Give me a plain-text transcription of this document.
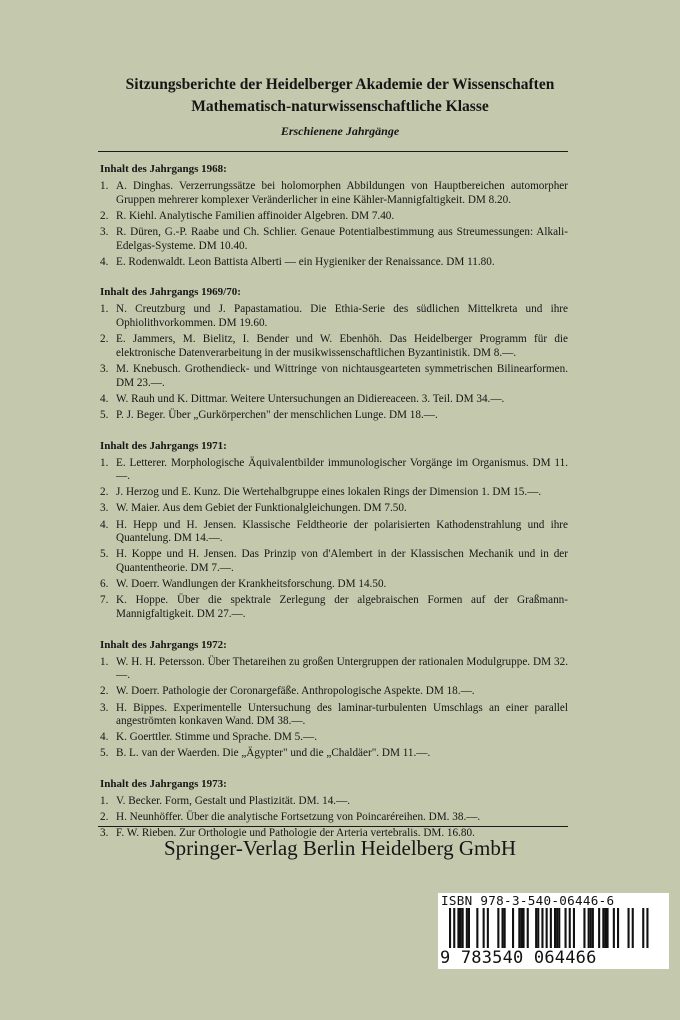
Sitzungsberichte der Heidelberger Akademie der Wissenschaften
Mathematisch-naturwissenschaftliche Klasse
Erschienene Jahrgänge
Inhalt des Jahrgangs 1968:
1. A. Dinghas. Verzerrungssätze bei holomorphen Abbildungen von Hauptbereichen automorpher Gruppen mehrerer komplexer Veränderlicher in eine Kähler-Mannigfaltigkeit. DM 8.20.
2. R. Kiehl. Analytische Familien affinoider Algebren. DM 7.40.
3. R. Düren, G.-P. Raabe und Ch. Schlier. Genaue Potentialbestimmung aus Streumessungen: Alkali-Edelgas-Systeme. DM 10.40.
4. E. Rodenwaldt. Leon Battista Alberti — ein Hygieniker der Renaissance. DM 11.80.
Inhalt des Jahrgangs 1969/70:
1. N. Creutzburg und J. Papastamatiou. Die Ethia-Serie des südlichen Mittelkreta und ihre Ophiolithvorkommen. DM 19.60.
2. E. Jammers, M. Bielitz, I. Bender und W. Ebenhöh. Das Heidelberger Programm für die elektronische Datenverarbeitung in der musikwissenschaftlichen Byzantinistik. DM 8.—.
3. M. Knebusch. Grothendieck- und Wittringe von nichtausgearteten symmetrischen Bilinearformen. DM 23.—.
4. W. Rauh und K. Dittmar. Weitere Untersuchungen an Didiereaceen. 3. Teil. DM 34.—.
5. P. J. Beger. Über „Gurkörperchen" der menschlichen Lunge. DM 18.—.
Inhalt des Jahrgangs 1971:
1. E. Letterer. Morphologische Äquivalentbilder immunologischer Vorgänge im Organismus. DM 11.—.
2. J. Herzog und E. Kunz. Die Wertehalbgruppe eines lokalen Rings der Dimension 1. DM 15.—.
3. W. Maier. Aus dem Gebiet der Funktionalgleichungen. DM 7.50.
4. H. Hepp und H. Jensen. Klassische Feldtheorie der polarisierten Kathodenstrahlung und ihre Quantelung. DM 14.—.
5. H. Koppe und H. Jensen. Das Prinzip von d'Alembert in der Klassischen Mechanik und in der Quantentheorie. DM 7.—.
6. W. Doerr. Wandlungen der Krankheitsforschung. DM 14.50.
7. K. Hoppe. Über die spektrale Zerlegung der algebraischen Formen auf der Graßmann-Mannigfaltigkeit. DM 27.—.
Inhalt des Jahrgangs 1972:
1. W. H. H. Petersson. Über Thetareihen zu großen Untergruppen der rationalen Modulgruppe. DM 32.—.
2. W. Doerr. Pathologie der Coronargefäße. Anthropologische Aspekte. DM 18.—.
3. H. Bippes. Experimentelle Untersuchung des laminar-turbulenten Umschlags an einer parallel angeströmten konkaven Wand. DM 38.—.
4. K. Goerttler. Stimme und Sprache. DM 5.—.
5. B. L. van der Waerden. Die „Ägypter" und die „Chaldäer". DM 11.—.
Inhalt des Jahrgangs 1973:
1. V. Becker. Form, Gestalt und Plastizität. DM. 14.—.
2. H. Neunhöffer. Über die analytische Fortsetzung von Poincaréreihen. DM. 38.—.
3. F. W. Rieben. Zur Orthologie und Pathologie der Arteria vertebralis. DM. 16.80.
Springer-Verlag Berlin Heidelberg GmbH
ISBN 978-3-540-06446-6
9 783540 064466
